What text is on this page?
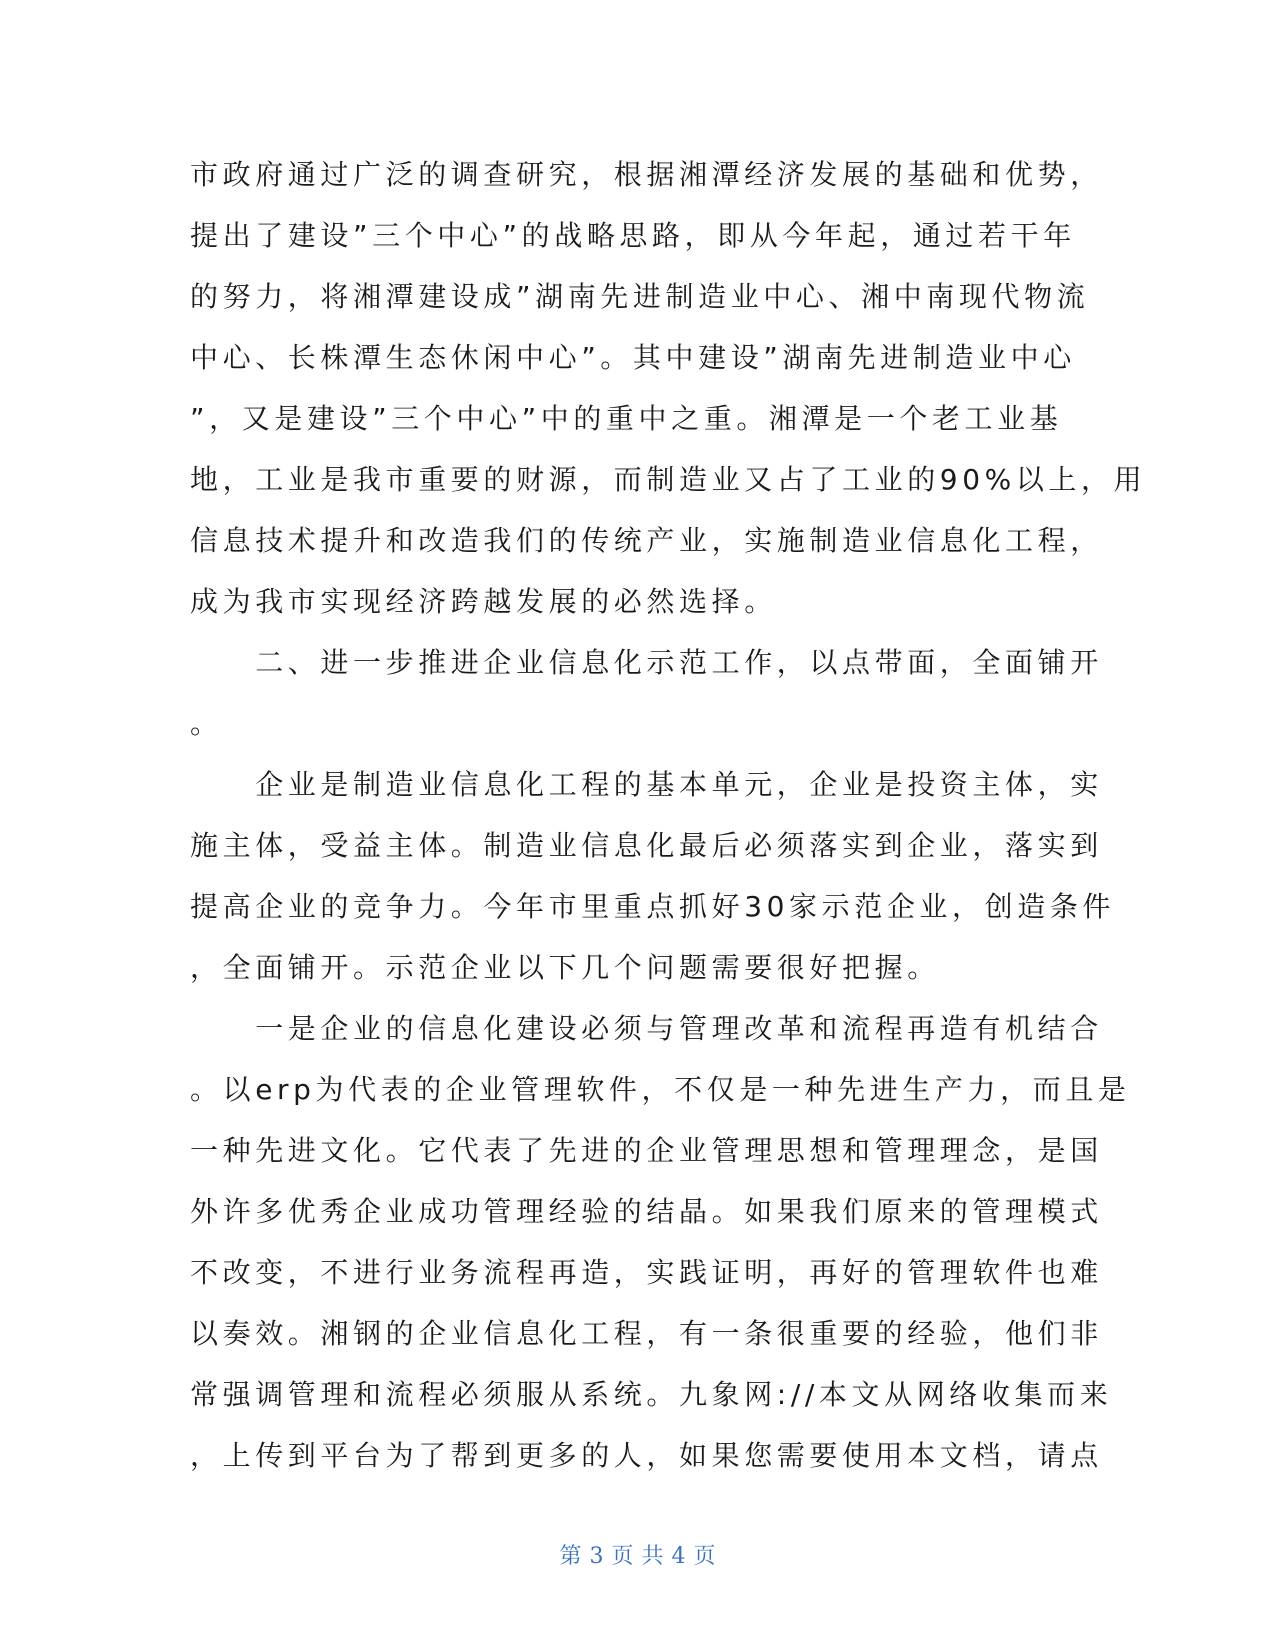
市政府通过广泛的调查研究，根据湘潭经济发展的基础和优势，
提出了建设”三个中心”的战略思路，即从今年起，通过若干年
的努力，将湘潭建设成”湖南先进制造业中心、湘中南现代物流
中心、长株潭生态休闲中心”。其中建设”湖南先进制造业中心
”，又是建设”三个中心”中的重中之重。湘潭是一个老工业基
地，工业是我市重要的财源，而制造业又占了工业的90%以上，用
信息技术提升和改造我们的传统产业，实施制造业信息化工程，
成为我市实现经济跨越发展的必然选择。
　　二、进一步推进企业信息化示范工作，以点带面，全面铺开
。
　　企业是制造业信息化工程的基本单元，企业是投资主体，实
施主体，受益主体。制造业信息化最后必须落实到企业，落实到
提高企业的竞争力。今年市里重点抓好30家示范企业，创造条件
，全面铺开。示范企业以下几个问题需要很好把握。
　　一是企业的信息化建设必须与管理改革和流程再造有机结合
。以erp为代表的企业管理软件，不仅是一种先进生产力，而且是
一种先进文化。它代表了先进的企业管理思想和管理理念，是国
外许多优秀企业成功管理经验的结晶。如果我们原来的管理模式
不改变，不进行业务流程再造，实践证明，再好的管理软件也难
以奏效。湘钢的企业信息化工程，有一条很重要的经验，他们非
常强调管理和流程必须服从系统。九象网://本文从网络收集而来
，上传到平台为了帮到更多的人，如果您需要使用本文档，请点
第 3 页 共 4 页
